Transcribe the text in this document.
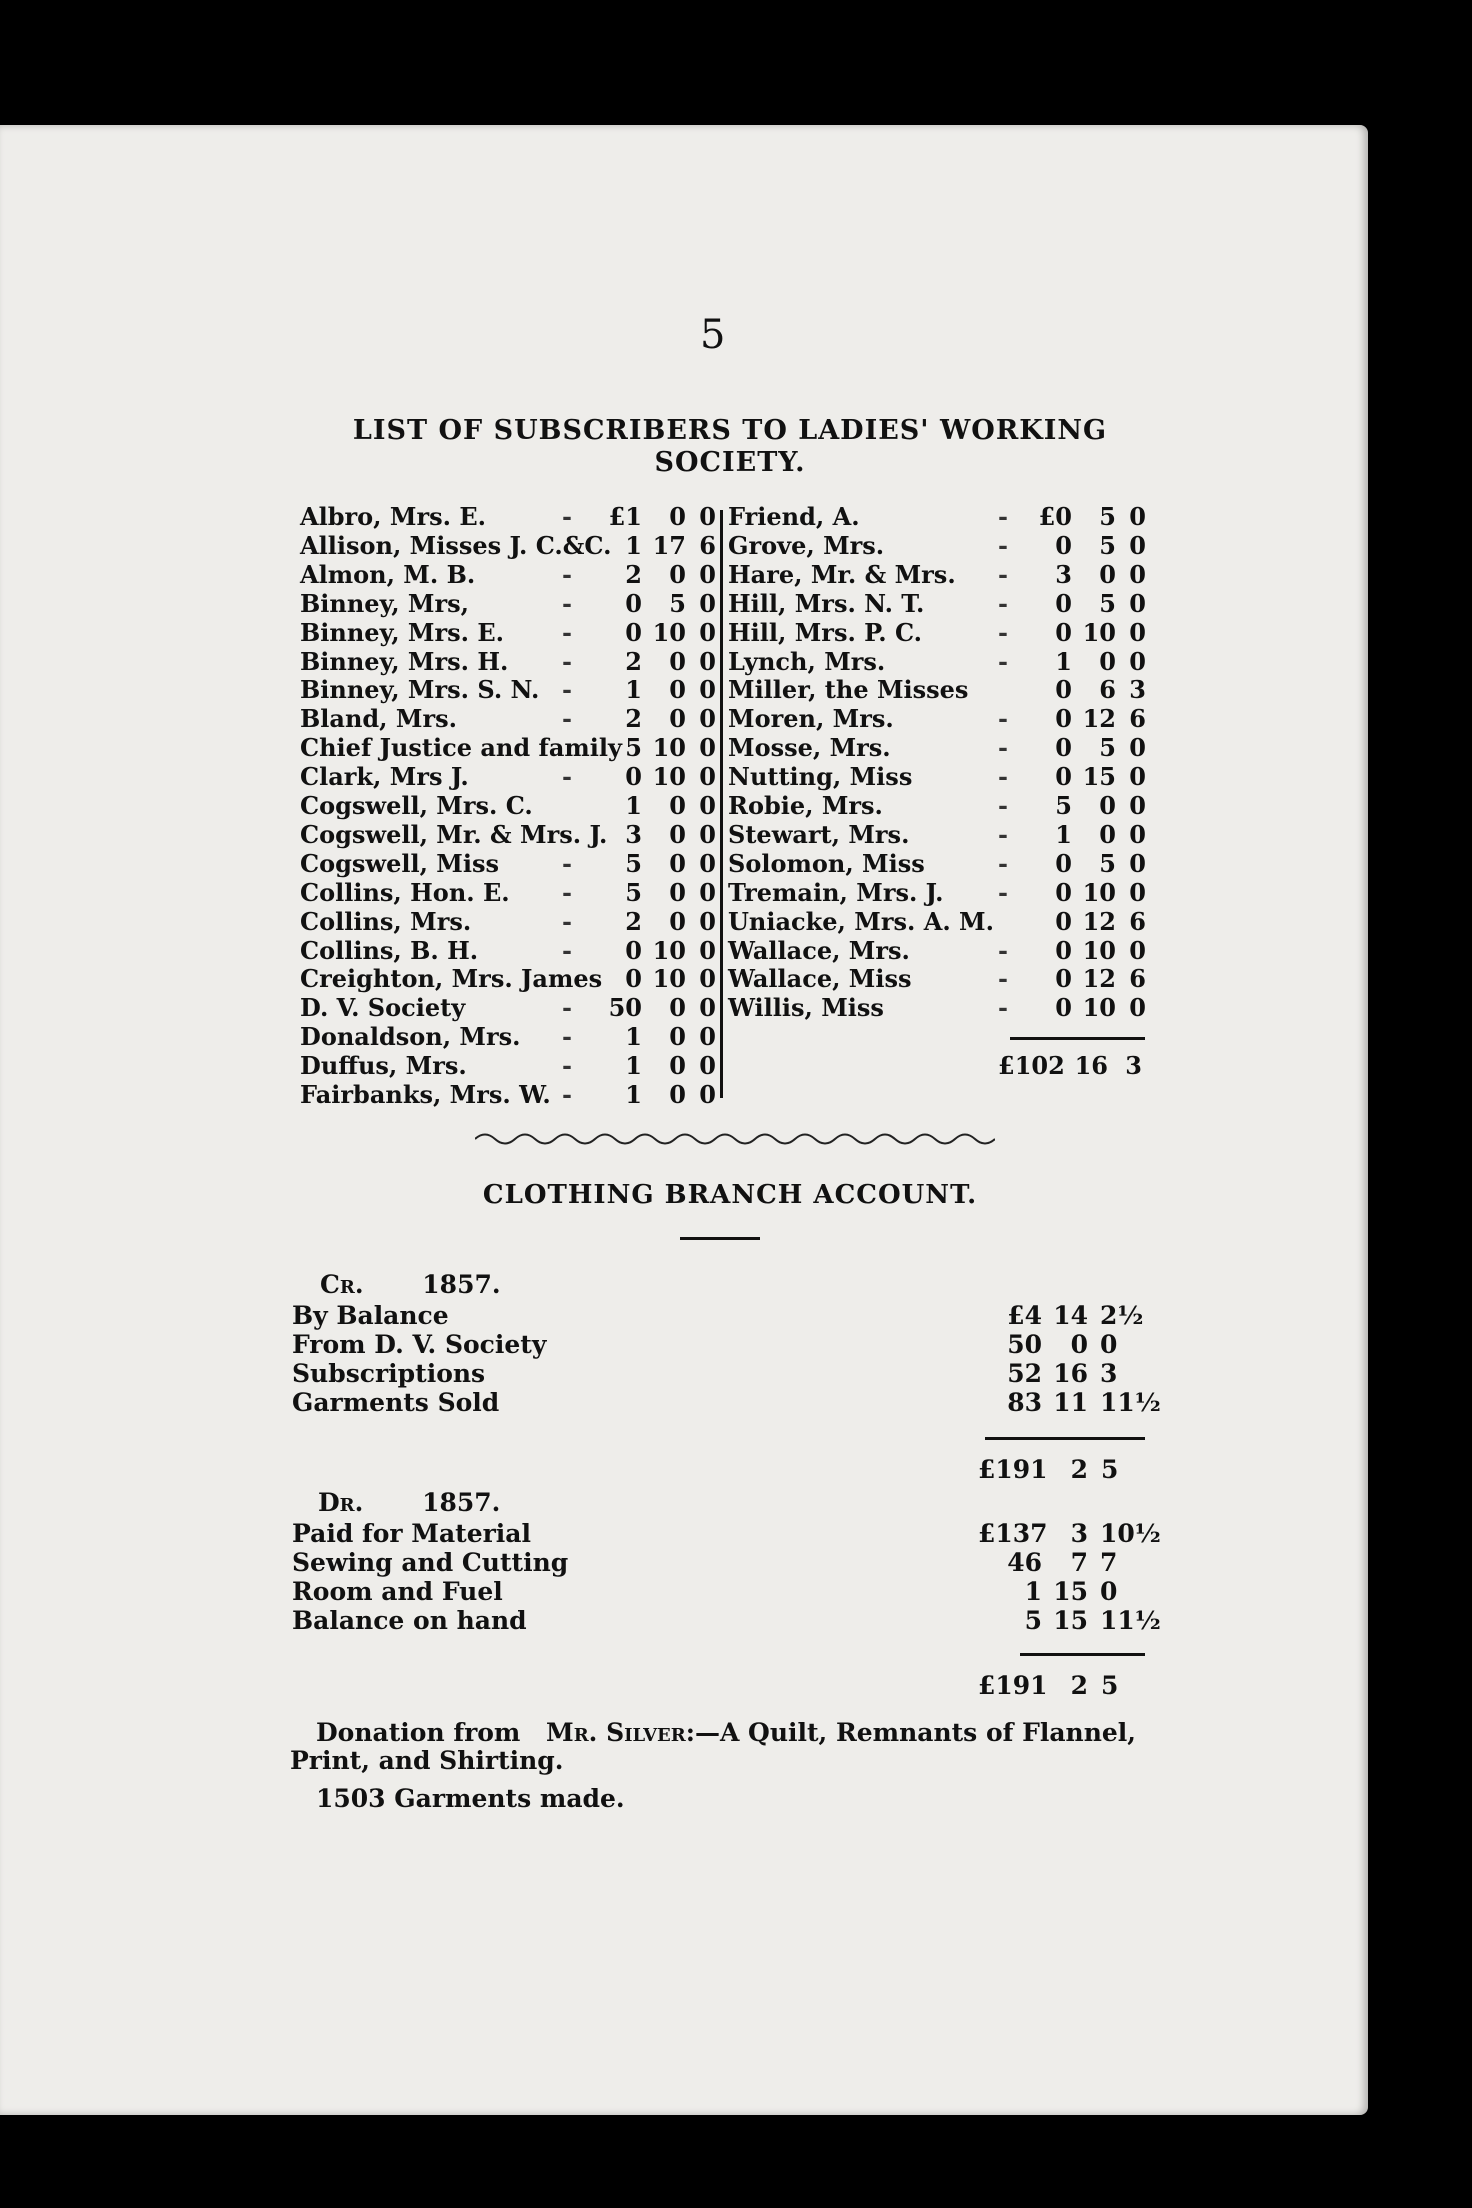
5
LIST OF SUBSCRIBERS TO LADIES' WORKING
SOCIETY.
Albro, Mrs. E.	-	£1	0 0
Allison, Misses J. C.&C. 1 17 6
Almon, M. B.	-	2	0 0
Binney, Mrs,	-	0	5 0
Binney, Mrs. E. -	0 10 0
Binney, Mrs. H. -	2	0 0
Binney, Mrs. S. N. -	1	0 0
Bland, Mrs.	-	2	0 0
Chief Justice and family 5 10 0
Clark, Mrs J.	-	0 10 0
Cogswell, Mrs. C.	1	0 0
Cogswell, Mr. & Mrs. J. 3	0 0
Cogswell, Miss	-	5	0 0
Collins, Hon. E. -	5	0 0
Collins, Mrs.	-	2	0 0
Collins, B. H.	-	0 10 0
Creighton, Mrs. James 0 10 0
D. V. Society	-	50	0 0
Donaldson, Mrs. -	1	0 0
Duffus, Mrs.	-	1	0 0
Fairbanks, Mrs. W. -	1	0 0
Friend, A.	-	£0	5 0
Grove, Mrs.	-	0	5 0
Hare, Mr. & Mrs. -	3	0 0
Hill, Mrs. N. T.	-	0	5 0
Hill, Mrs. P. C.	-	0 10 0
Lynch, Mrs.	-	1	0 0
Miller, the Misses	0	6 3
Moren, Mrs.	-	0 12 6
Mosse, Mrs.	-	0	5 0
Nutting, Miss	-	0 15 0
Robie, Mrs.	-	5	0 0
Stewart, Mrs.	-	1	0 0
Solomon, Miss	-	0	5 0
Tremain, Mrs. J. -	0 10 0
Uniacke, Mrs. A. M.	0 12 6
Wallace, Mrs.	-	0 10 0
Wallace, Miss	-	0 12 6
Willis, Miss	-	0 10 0
£102 16 3
CLOTHING BRANCH ACCOUNT.
Cr. 1857.
By Balance	£4 14 2½
From D. V. Society	50	0 0
Subscriptions	52 16 3
Garments Sold	83 11 11½
£191 2 5
Dr. 1857.
Paid for Material	£137 3 10½
Sewing and Cutting	46	7 7
Room and Fuel	1 15 0
Balance on hand	5 15 11½
£191 2 5
Donation from Mr. Silver:—A Quilt, Remnants of Flannel,
Print, and Shirting.
1503 Garments made.
